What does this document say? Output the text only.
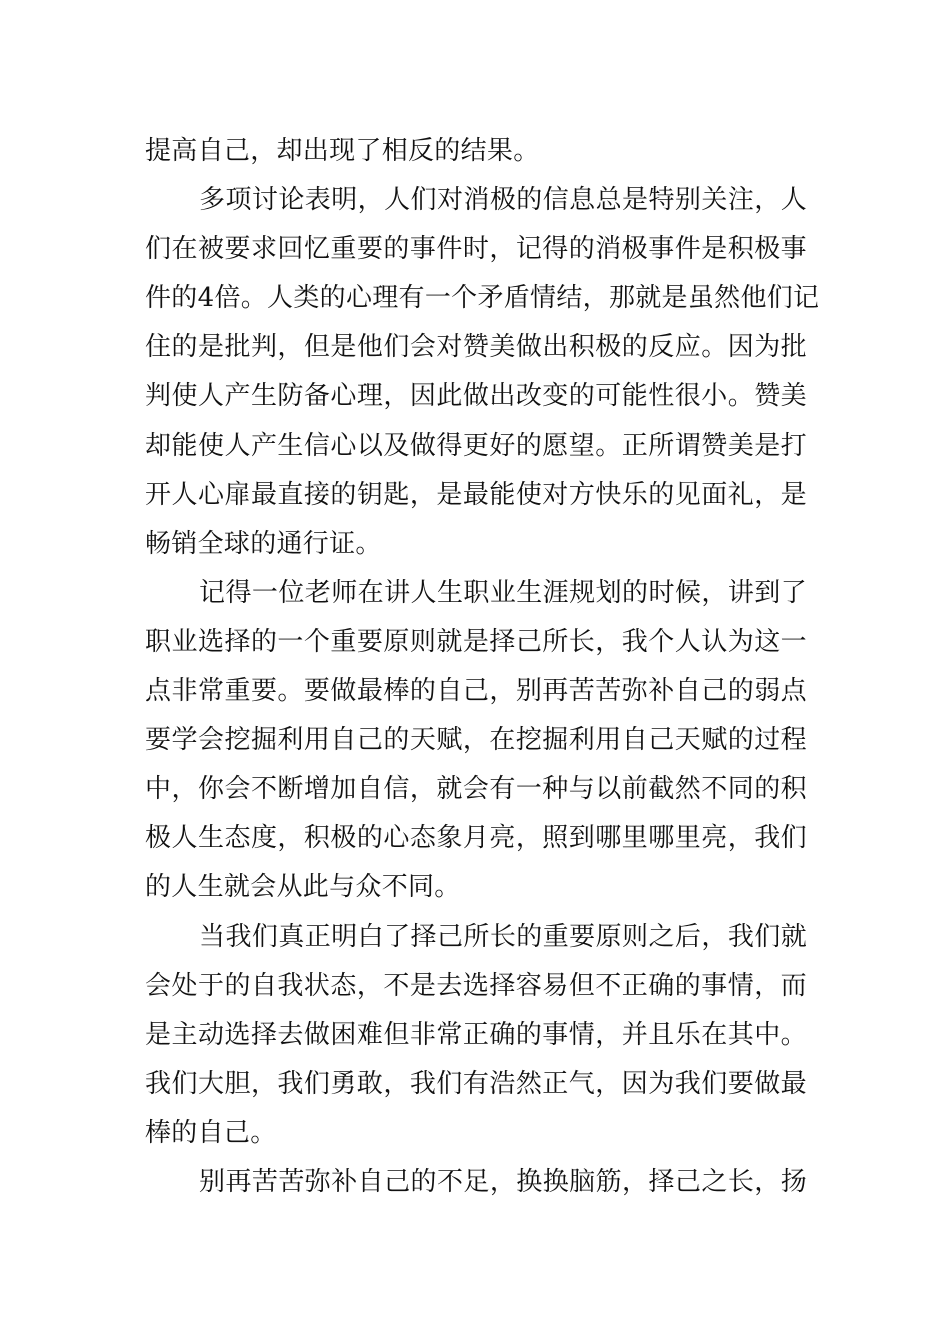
提高自己，却出现了相反的结果。
多项讨论表明，人们对消极的信息总是特别关注，人
们在被要求回忆重要的事件时，记得的消极事件是积极事
件的4倍。人类的心理有一个矛盾情结，那就是虽然他们记
住的是批判，但是他们会对赞美做出积极的反应。因为批
判使人产生防备心理，因此做出改变的可能性很小。赞美
却能使人产生信心以及做得更好的愿望。正所谓赞美是打
开人心扉最直接的钥匙，是最能使对方快乐的见面礼，是
畅销全球的通行证。
记得一位老师在讲人生职业生涯规划的时候，讲到了
职业选择的一个重要原则就是择己所长，我个人认为这一
点非常重要。要做最棒的自己，别再苦苦弥补自己的弱点
要学会挖掘利用自己的天赋，在挖掘利用自己天赋的过程
中，你会不断增加自信，就会有一种与以前截然不同的积
极人生态度，积极的心态象月亮，照到哪里哪里亮，我们
的人生就会从此与众不同。
当我们真正明白了择己所长的重要原则之后，我们就
会处于的自我状态，不是去选择容易但不正确的事情，而
是主动选择去做困难但非常正确的事情，并且乐在其中。
我们大胆，我们勇敢，我们有浩然正气，因为我们要做最
棒的自己。
别再苦苦弥补自己的不足，换换脑筋，择己之长，扬
